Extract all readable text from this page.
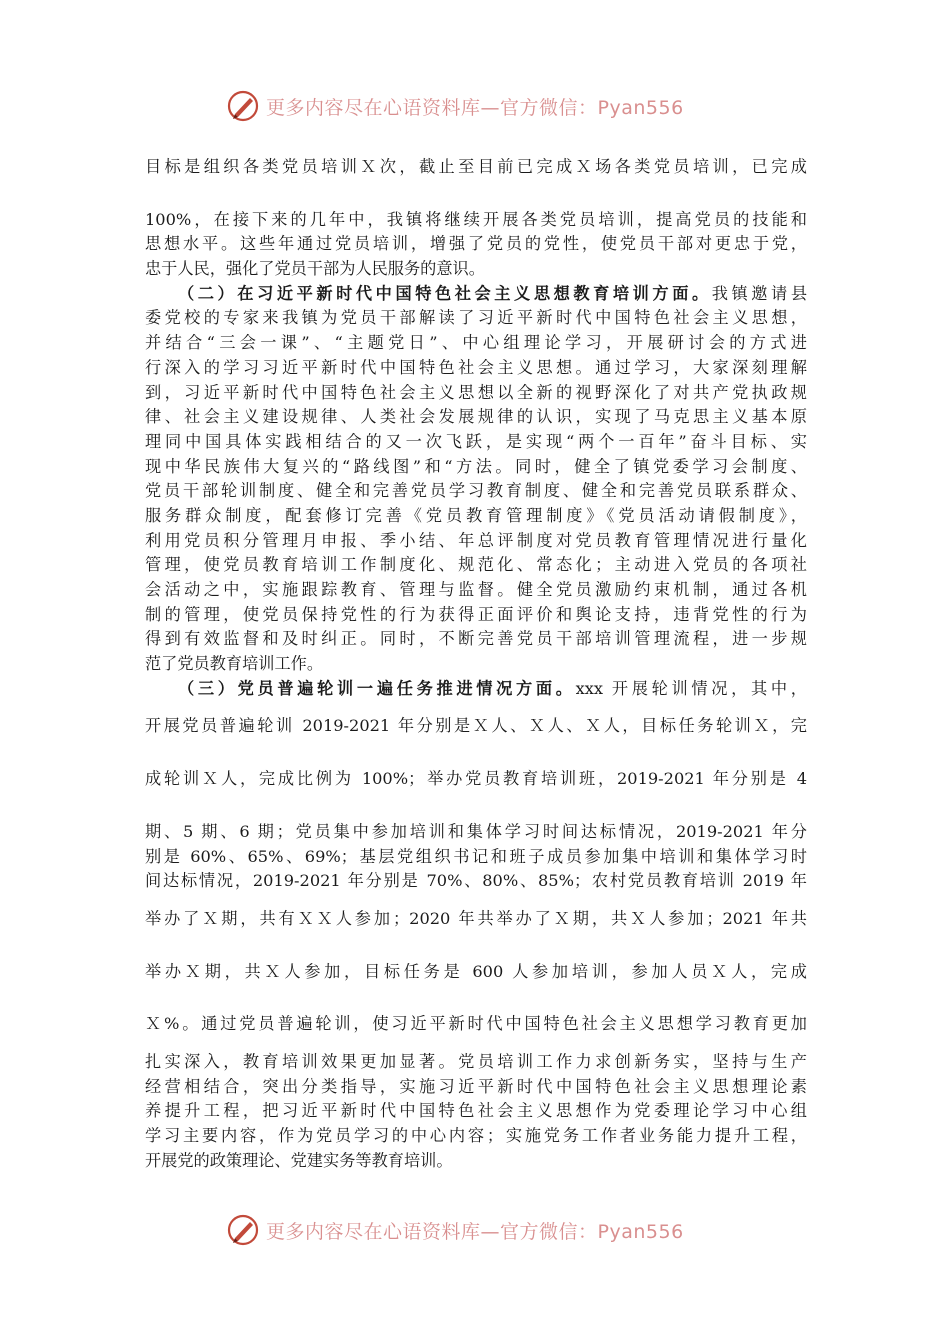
更多内容尽在心语资料库—官方微信：Pyan556
目标是组织各类党员培训Ｘ次，截止至目前已完成Ｘ场各类党员培训，已完成
100%，在接下来的几年中，我镇将继续开展各类党员培训，提高党员的技能和
思想水平。这些年通过党员培训，增强了党员的党性，使党员干部对更忠于党，
忠于人民，强化了党员干部为人民服务的意识。
（二）在习近平新时代中国特色社会主义思想教育培训方面。我镇邀请县
委党校的专家来我镇为党员干部解读了习近平新时代中国特色社会主义思想，
并结合“三会一课”、“主题党日”、中心组理论学习，开展研讨会的方式进
行深入的学习习近平新时代中国特色社会主义思想。通过学习，大家深刻理解
到，习近平新时代中国特色社会主义思想以全新的视野深化了对共产党执政规
律、社会主义建设规律、人类社会发展规律的认识，实现了马克思主义基本原
理同中国具体实践相结合的又一次飞跃，是实现“两个一百年”奋斗目标、实
现中华民族伟大复兴的“路线图”和“方法。同时，健全了镇党委学习会制度、
党员干部轮训制度、健全和完善党员学习教育制度、健全和完善党员联系群众、
服务群众制度，配套修订完善《党员教育管理制度》《党员活动请假制度》，
利用党员积分管理月申报、季小结、年总评制度对党员教育管理情况进行量化
管理，使党员教育培训工作制度化、规范化、常态化；主动进入党员的各项社
会活动之中，实施跟踪教育、管理与监督。健全党员激励约束机制，通过各机
制的管理，使党员保持党性的行为获得正面评价和舆论支持，违背党性的行为
得到有效监督和及时纠正。同时，不断完善党员干部培训管理流程，进一步规
范了党员教育培训工作。
（三）党员普遍轮训一遍任务推进情况方面。xxx 开展轮训情况，其中，
开展党员普遍轮训 2019-2021 年分别是Ｘ人、Ｘ人、Ｘ人，目标任务轮训Ｘ，完
成轮训Ｘ人，完成比例为 100%；举办党员教育培训班，2019-2021 年分别是 4
期、5 期、6 期；党员集中参加培训和集体学习时间达标情况，2019-2021 年分
别是 60%、65%、69%；基层党组织书记和班子成员参加集中培训和集体学习时
间达标情况，2019-2021 年分别是 70%、80%、85%；农村党员教育培训 2019 年
举办了Ｘ期，共有ＸＸ人参加；2020 年共举办了Ｘ期，共Ｘ人参加；2021 年共
举办Ｘ期，共Ｘ人参加，目标任务是 600 人参加培训，参加人员Ｘ人，完成
Ｘ%。通过党员普遍轮训，使习近平新时代中国特色社会主义思想学习教育更加
扎实深入，教育培训效果更加显著。党员培训工作力求创新务实，坚持与生产
经营相结合，突出分类指导，实施习近平新时代中国特色社会主义思想理论素
养提升工程，把习近平新时代中国特色社会主义思想作为党委理论学习中心组
学习主要内容，作为党员学习的中心内容；实施党务工作者业务能力提升工程，
开展党的政策理论、党建实务等教育培训。
更多内容尽在心语资料库—官方微信：Pyan556
